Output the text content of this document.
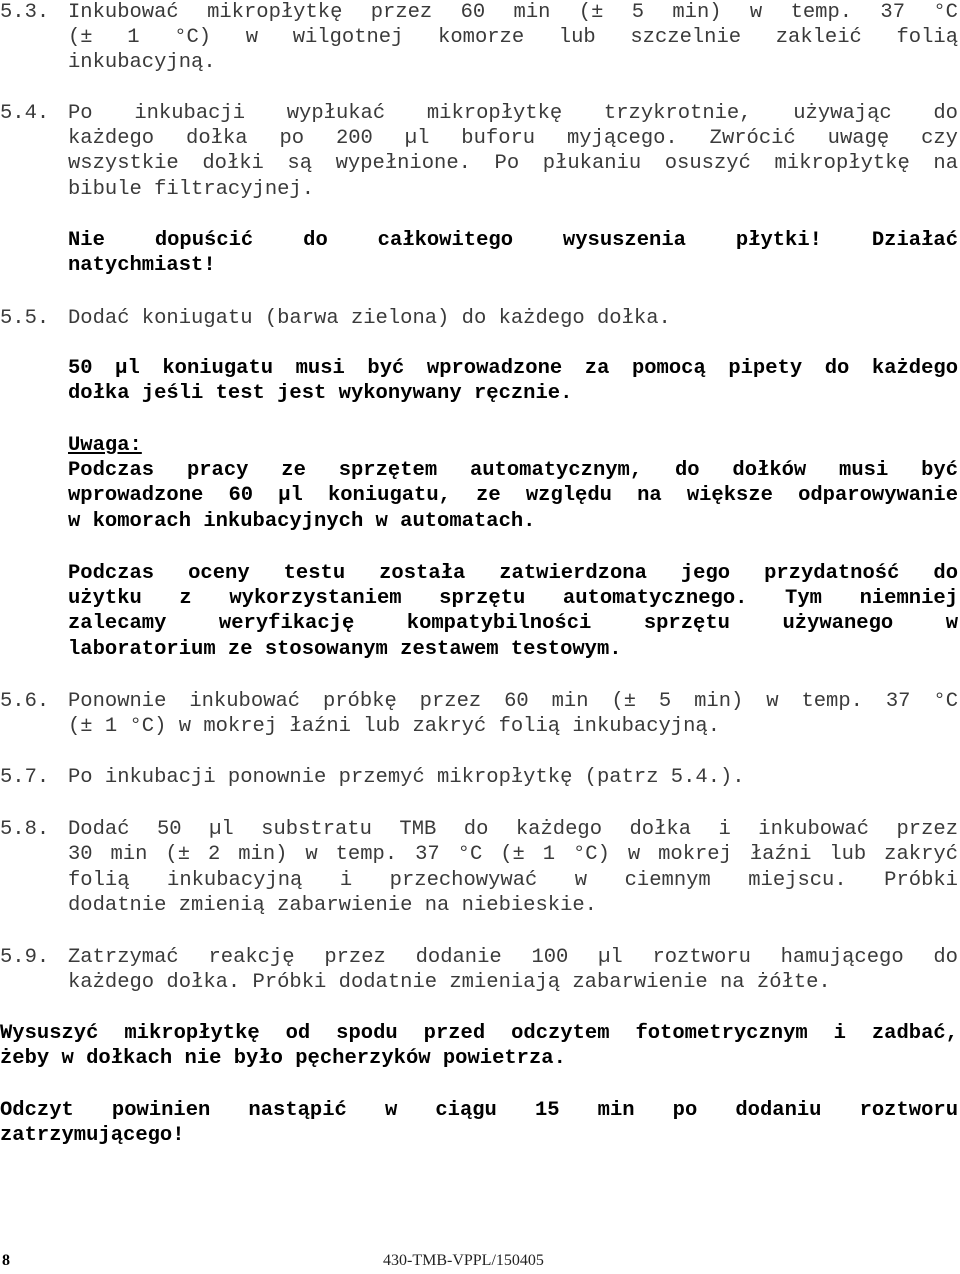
5.3.

Inkubować mikropłytkę przez 60 min (± 5 min) w temp. 37 °C

(± 1 °C) w wilgotnej komorze lub szczelnie zakleić folią

inkubacyjną.

5.4.

Po inkubacji wypłukać mikropłytkę trzykrotnie, używając do

każdego dołka po 200 µl buforu myjącego. Zwrócić uwagę czy

wszystkie dołki są wypełnione. Po płukaniu osuszyć mikropłytkę na

bibule filtracyjnej.

Nie dopuścić do całkowitego wysuszenia płytki! Działać

natychmiast!

5.5.

Dodać koniugatu (barwa zielona) do każdego dołka.

50 µl koniugatu musi być wprowadzone za pomocą pipety do każdego

dołka jeśli test jest wykonywany ręcznie.

Uwaga:

Podczas pracy ze sprzętem automatycznym, do dołków musi być

wprowadzone 60 µl koniugatu, ze względu na większe odparowywanie

w komorach inkubacyjnych w automatach.

Podczas oceny testu została zatwierdzona jego przydatność do

użytku z wykorzystaniem sprzętu automatycznego. Tym niemniej

zalecamy weryfikację kompatybilności sprzętu używanego w

laboratorium ze stosowanym zestawem testowym.

5.6.

Ponownie inkubować próbkę przez 60 min (± 5 min) w temp. 37 °C

(± 1 °C) w mokrej łaźni lub zakryć folią inkubacyjną.

5.7.

Po inkubacji ponownie przemyć mikropłytkę (patrz 5.4.).

5.8.

Dodać 50 µl substratu TMB do każdego dołka i inkubować przez

30 min (± 2 min) w temp. 37 °C (± 1 °C) w mokrej łaźni lub zakryć

folią inkubacyjną i przechowywać w ciemnym miejscu. Próbki

dodatnie zmienią zabarwienie na niebieskie.

5.9.

Zatrzymać reakcję przez dodanie 100 µl roztworu hamującego do

każdego dołka. Próbki dodatnie zmieniają zabarwienie na żółte.

Wysuszyć mikropłytkę od spodu przed odczytem fotometrycznym i zadbać,

żeby w dołkach nie było pęcherzyków powietrza.

Odczyt powinien nastąpić w ciągu 15 min po dodaniu roztworu

zatrzymującego!

8	430-TMB-VPPL/150405
